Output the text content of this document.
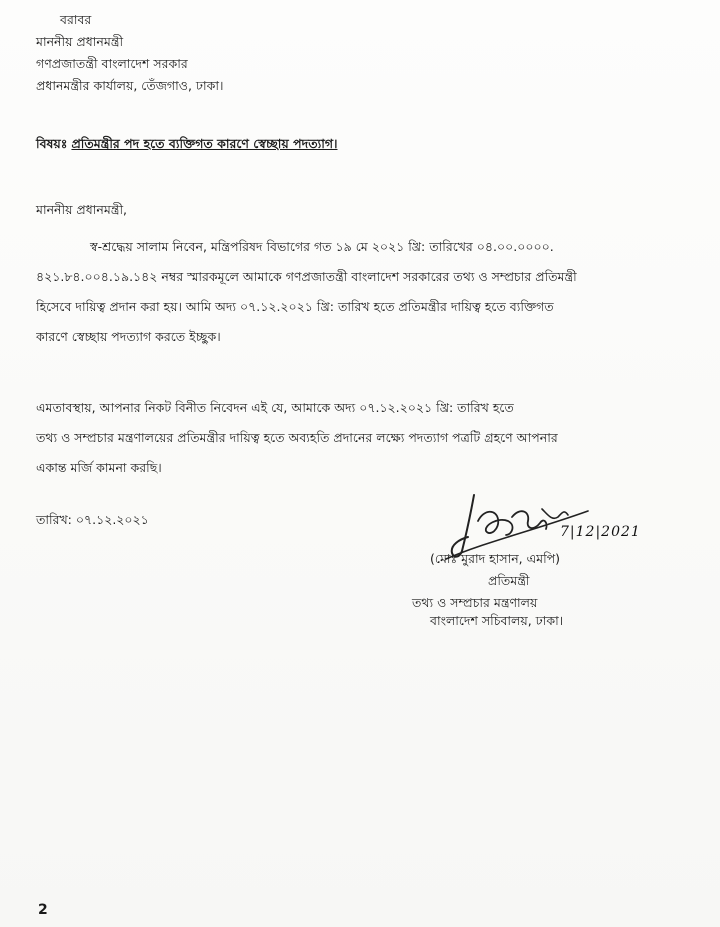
বরাবর
মাননীয় প্রধানমন্ত্রী
গণপ্রজাতন্ত্রী বাংলাদেশ সরকার
প্রধানমন্ত্রীর কার্যালয়, তেঁজগাও, ঢাকা।
বিষয়ঃ প্রতিমন্ত্রীর পদ হতে ব্যক্তিগত কারণে স্বেচ্ছায় পদত্যাগ।
মাননীয় প্রধানমন্ত্রী,
স্ব-শ্রদ্ধেয় সালাম নিবেন, মন্ত্রিপরিষদ বিভাগের গত ১৯ মে ২০২১ খ্রি: তারিখের ০৪.০০.০০০০.
৪২১.৮৪.০০৪.১৯.১৪২ নম্বর স্মারকমূলে আমাকে গণপ্রজাতন্ত্রী বাংলাদেশ সরকারের তথ্য ও সম্প্রচার প্রতিমন্ত্রী
হিসেবে দায়িত্ব প্রদান করা হয়। আমি অদ্য ০৭.১২.২০২১ খ্রি: তারিখ হতে প্রতিমন্ত্রীর দায়িত্ব হতে ব্যক্তিগত
কারণে স্বেচ্ছায় পদত্যাগ করতে ইচ্ছুক।
এমতাবস্থায়, আপনার নিকট বিনীত নিবেদন এই যে, আমাকে অদ্য ০৭.১২.২০২১ খ্রি: তারিখ হতে
তথ্য ও সম্প্রচার মন্ত্রণালয়ের প্রতিমন্ত্রীর দায়িত্ব হতে অব্যহতি প্রদানের লক্ষ্যে পদত্যাগ পত্রটি গ্রহণে আপনার
একান্ত মর্জি কামনা করছি।
তারিখ: ০৭.১২.২০২১
7|12|2021
(মোঃ মুরাদ হাসান, এমপি)
প্রতিমন্ত্রী
তথ্য ও সম্প্রচার মন্ত্রণালয়
বাংলাদেশ সচিবালয়, ঢাকা।
2
